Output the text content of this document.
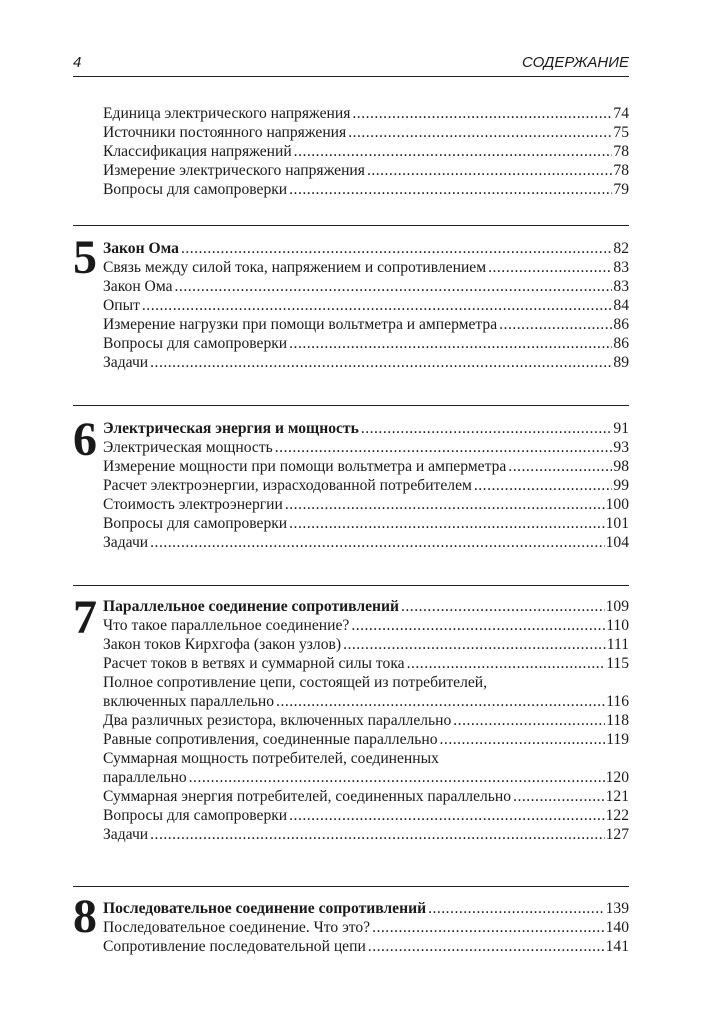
4	СОДЕРЖАНИЕ
Единица электрического напряжения .....	74
Источники постоянного напряжения .....	75
Классификация напряжений .....	78
Измерение электрического напряжения .....	78
Вопросы для самопроверки .....	79
5 Закон Ома .....	82
Связь между силой тока, напряжением и сопротивлением .....	83
Закон Ома .....	83
Опыт .....	84
Измерение нагрузки при помощи вольтметра и амперметра .....	86
Вопросы для самопроверки .....	86
Задачи .....	89
6 Электрическая энергия и мощность .....	91
Электрическая мощность .....	93
Измерение мощности при помощи вольтметра и амперметра .....	98
Расчет электроэнергии, израсходованной потребителем .....	99
Стоимость электроэнергии .....	100
Вопросы для самопроверки .....	101
Задачи .....	104
7 Параллельное соединение сопротивлений .....	109
Что такое параллельное соединение? .....	110
Закон токов Кирхгофа (закон узлов) .....	111
Расчет токов в ветвях и суммарной силы тока .....	115
Полное сопротивление цепи, состоящей из потребителей,
включенных параллельно .....	116
Два различных резистора, включенных параллельно .....	118
Равные сопротивления, соединенные параллельно .....	119
Суммарная мощность потребителей, соединенных
параллельно .....	120
Суммарная энергия потребителей, соединенных параллельно .....	121
Вопросы для самопроверки .....	122
Задачи .....	127
8 Последовательное соединение сопротивлений .....	139
Последовательное соединение. Что это? .....	140
Сопротивление последовательной цепи .....	141
